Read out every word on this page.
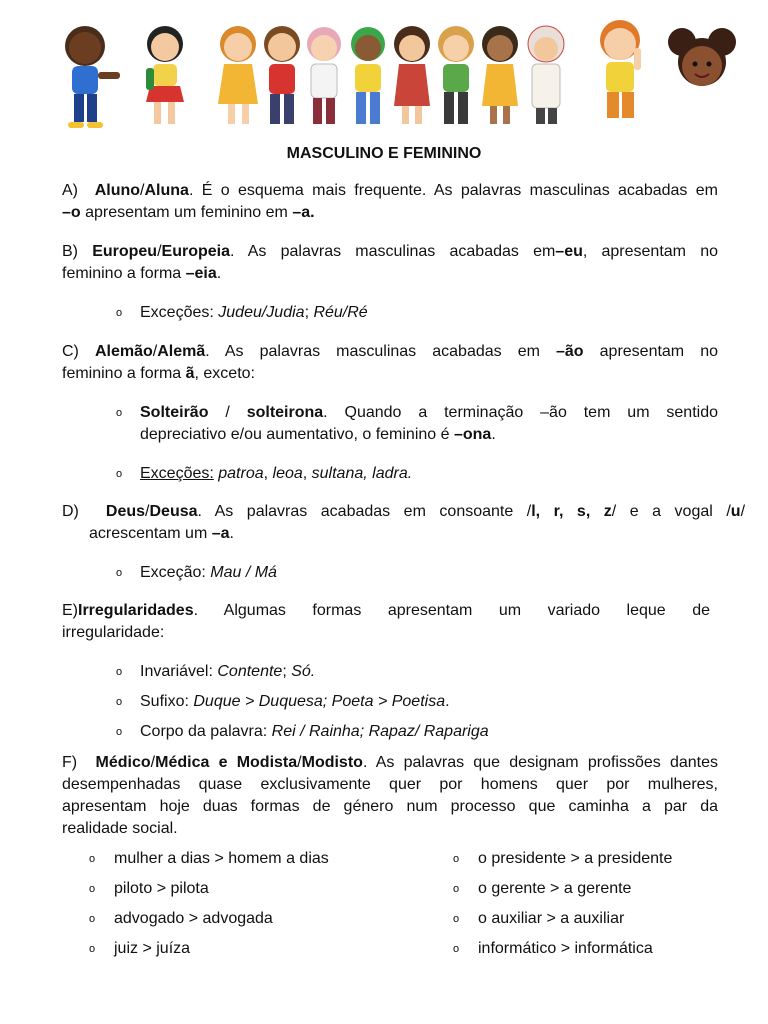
MASCULINO E FEMININO
A) Aluno/Aluna. É o esquema mais frequente. As palavras masculinas acabadas em
–o apresentam um feminino em –a.
B) Europeu/Europeia. As palavras masculinas acabadas em–eu, apresentam no
feminino a forma –eia.
o Exceções: Judeu/Judia; Réu/Ré
C) Alemão/Alemã. As palavras masculinas acabadas em –ão apresentam no
feminino a forma ã, exceto:
o Solteirão / solteirona. Quando a terminação –ão tem um sentido
depreciativo e/ou aumentativo, o feminino é –ona.
o Exceções: patroa, leoa, sultana, ladra.
D) Deus/Deusa. As palavras acabadas em consoante /l, r, s, z/ e a vogal /u/
acrescentam um –a.
o Exceção: Mau / Má
E)Irregularidades. Algumas formas apresentam um variado leque de
irregularidade:
o Invariável: Contente; Só.
o Sufixo: Duque > Duquesa; Poeta > Poetisa.
o Corpo da palavra: Rei / Rainha; Rapaz/ Rapariga
F) Médico/Médica e Modista/Modisto. As palavras que designam profissões dantes
desempenhadas quase exclusivamente quer por homens quer por mulheres,
apresentam hoje duas formas de género num processo que caminha a par da
realidade social.
o mulher a dias > homem a dias
o piloto > pilota
o advogado > advogada
o juiz > juíza
o o presidente > a presidente
o o gerente > a gerente
o o auxiliar > a auxiliar
o informático > informática
